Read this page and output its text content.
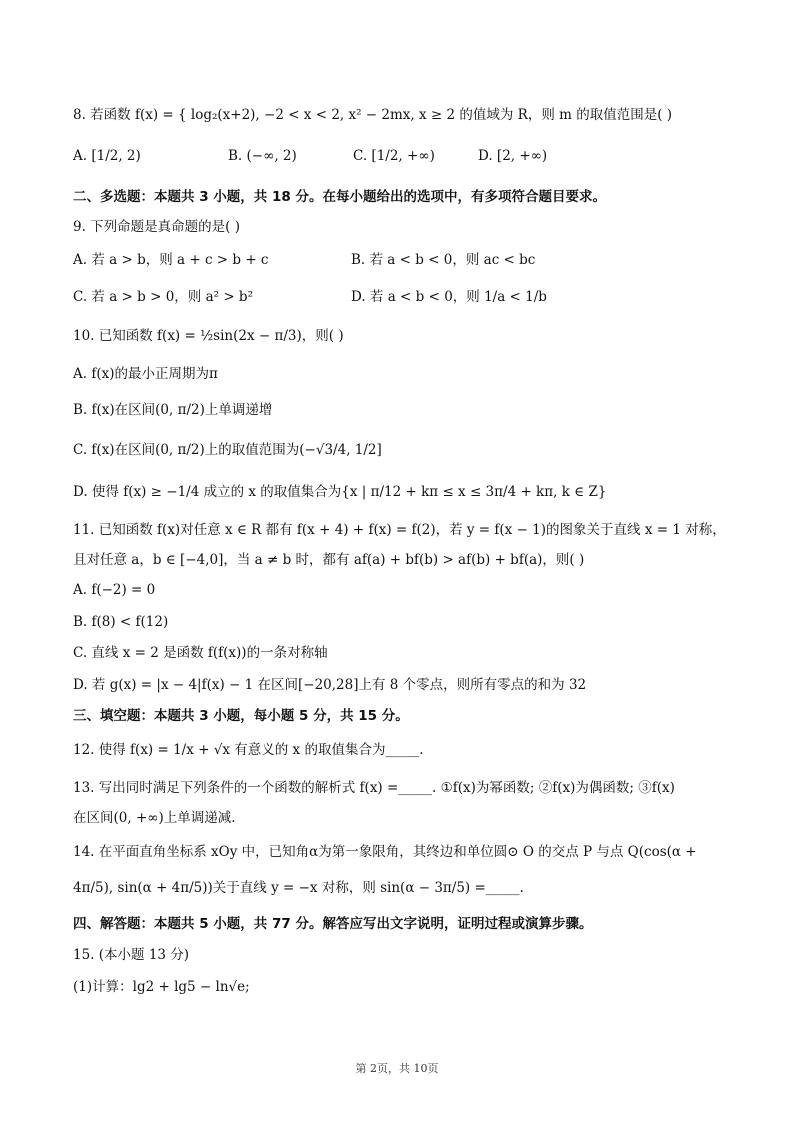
8. 若函数 f(x) = { log₂(x+2), −2 < x < 2, x² − 2mx, x ≥ 2 的值域为 R，则 m 的取值范围是( )
A. [1/2, 2)	B. (−∞, 2)	C. [1/2, +∞)	D. [2, +∞)
二、多选题：本题共 3 小题，共 18 分。在每小题给出的选项中，有多项符合题目要求。
9. 下列命题是真命题的是( )
A. 若 a > b，则 a + c > b + c	B. 若 a < b < 0，则 ac < bc
C. 若 a > b > 0，则 a² > b²	D. 若 a < b < 0，则 1/a < 1/b
10. 已知函数 f(x) = ½sin(2x − π/3)，则( )
A. f(x)的最小正周期为π
B. f(x)在区间(0, π/2)上单调递增
C. f(x)在区间(0, π/2)上的取值范围为(−√3/4, 1/2]
D. 使得 f(x) ≥ −1/4 成立的 x 的取值集合为{x | π/12 + kπ ≤ x ≤ 3π/4 + kπ, k ∈ Z}
11. 已知函数 f(x)对任意 x ∈ R 都有 f(x + 4) + f(x) = f(2)，若 y = f(x − 1)的图象关于直线 x = 1 对称，
且对任意 a，b ∈ [−4,0]，当 a ≠ b 时，都有 af(a) + bf(b) > af(b) + bf(a)，则( )
A. f(−2) = 0
B. f(8) < f(12)
C. 直线 x = 2 是函数 f(f(x))的一条对称轴
D. 若 g(x) = |x − 4|f(x) − 1 在区间[−20,28]上有 8 个零点，则所有零点的和为 32
三、填空题：本题共 3 小题，每小题 5 分，共 15 分。
12. 使得 f(x) = 1/x + √x 有意义的 x 的取值集合为_____.
13. 写出同时满足下列条件的一个函数的解析式 f(x) =_____. ①f(x)为幂函数; ②f(x)为偶函数; ③f(x)
在区间(0, +∞)上单调递减.
14. 在平面直角坐标系 xOy 中，已知角α为第一象限角，其终边和单位圆⊙ O 的交点 P 与点 Q(cos(α +
4π/5), sin(α + 4π/5))关于直线 y = −x 对称，则 sin(α − 3π/5) =_____.
四、解答题：本题共 5 小题，共 77 分。解答应写出文字说明，证明过程或演算步骤。
15. (本小题 13 分)
(1)计算：lg2 + lg5 − ln√e;
第 2页，共 10页
